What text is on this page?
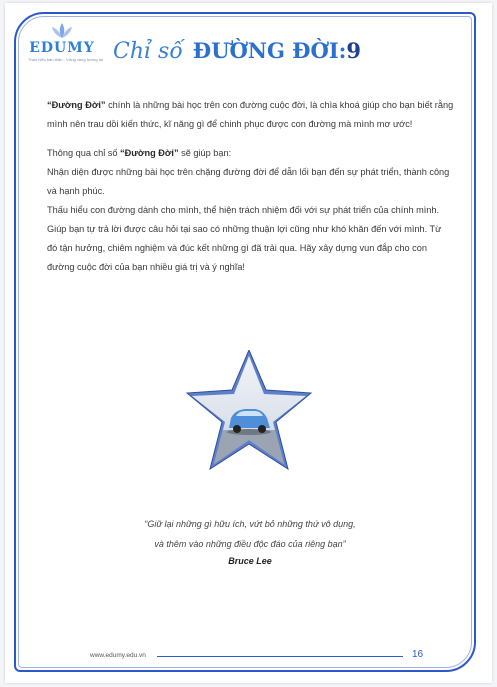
EDUMY
Thấu hiểu bản thân - Vững vàng tương lai Chỉ số ĐƯỜNG ĐỜI:9

“Đường Đời” chính là những bài học trên con đường cuộc đời, là chìa khoá giúp cho bạn biết rằng mình nên trau dồi kiến thức, kĩ năng gì để chinh phục được con đường mà mình mơ ước!

Thông qua chỉ số “Đường Đời” sẽ giúp bạn:
Nhận diện được những bài học trên chặng đường đời để dẫn lối bạn đến sự phát triển, thành công và hạnh phúc.
Thấu hiểu con đường dành cho mình, thể hiện trách nhiệm đối với sự phát triển của chính mình. Giúp bạn tự trả lời được câu hỏi tại sao có những thuận lợi cũng như khó khăn đến với mình. Từ đó tận hưởng, chiêm nghiệm và đúc kết những gì đã trải qua. Hãy xây dựng vun đắp cho con đường cuộc đời của bạn nhiều giá trị và ý nghĩa!

“Giữ lại những gì hữu ích, vứt bỏ những thứ vô dụng,
và thêm vào những điều độc đáo của riêng bạn”
Bruce Lee
www.edumy.edu.vn	16
